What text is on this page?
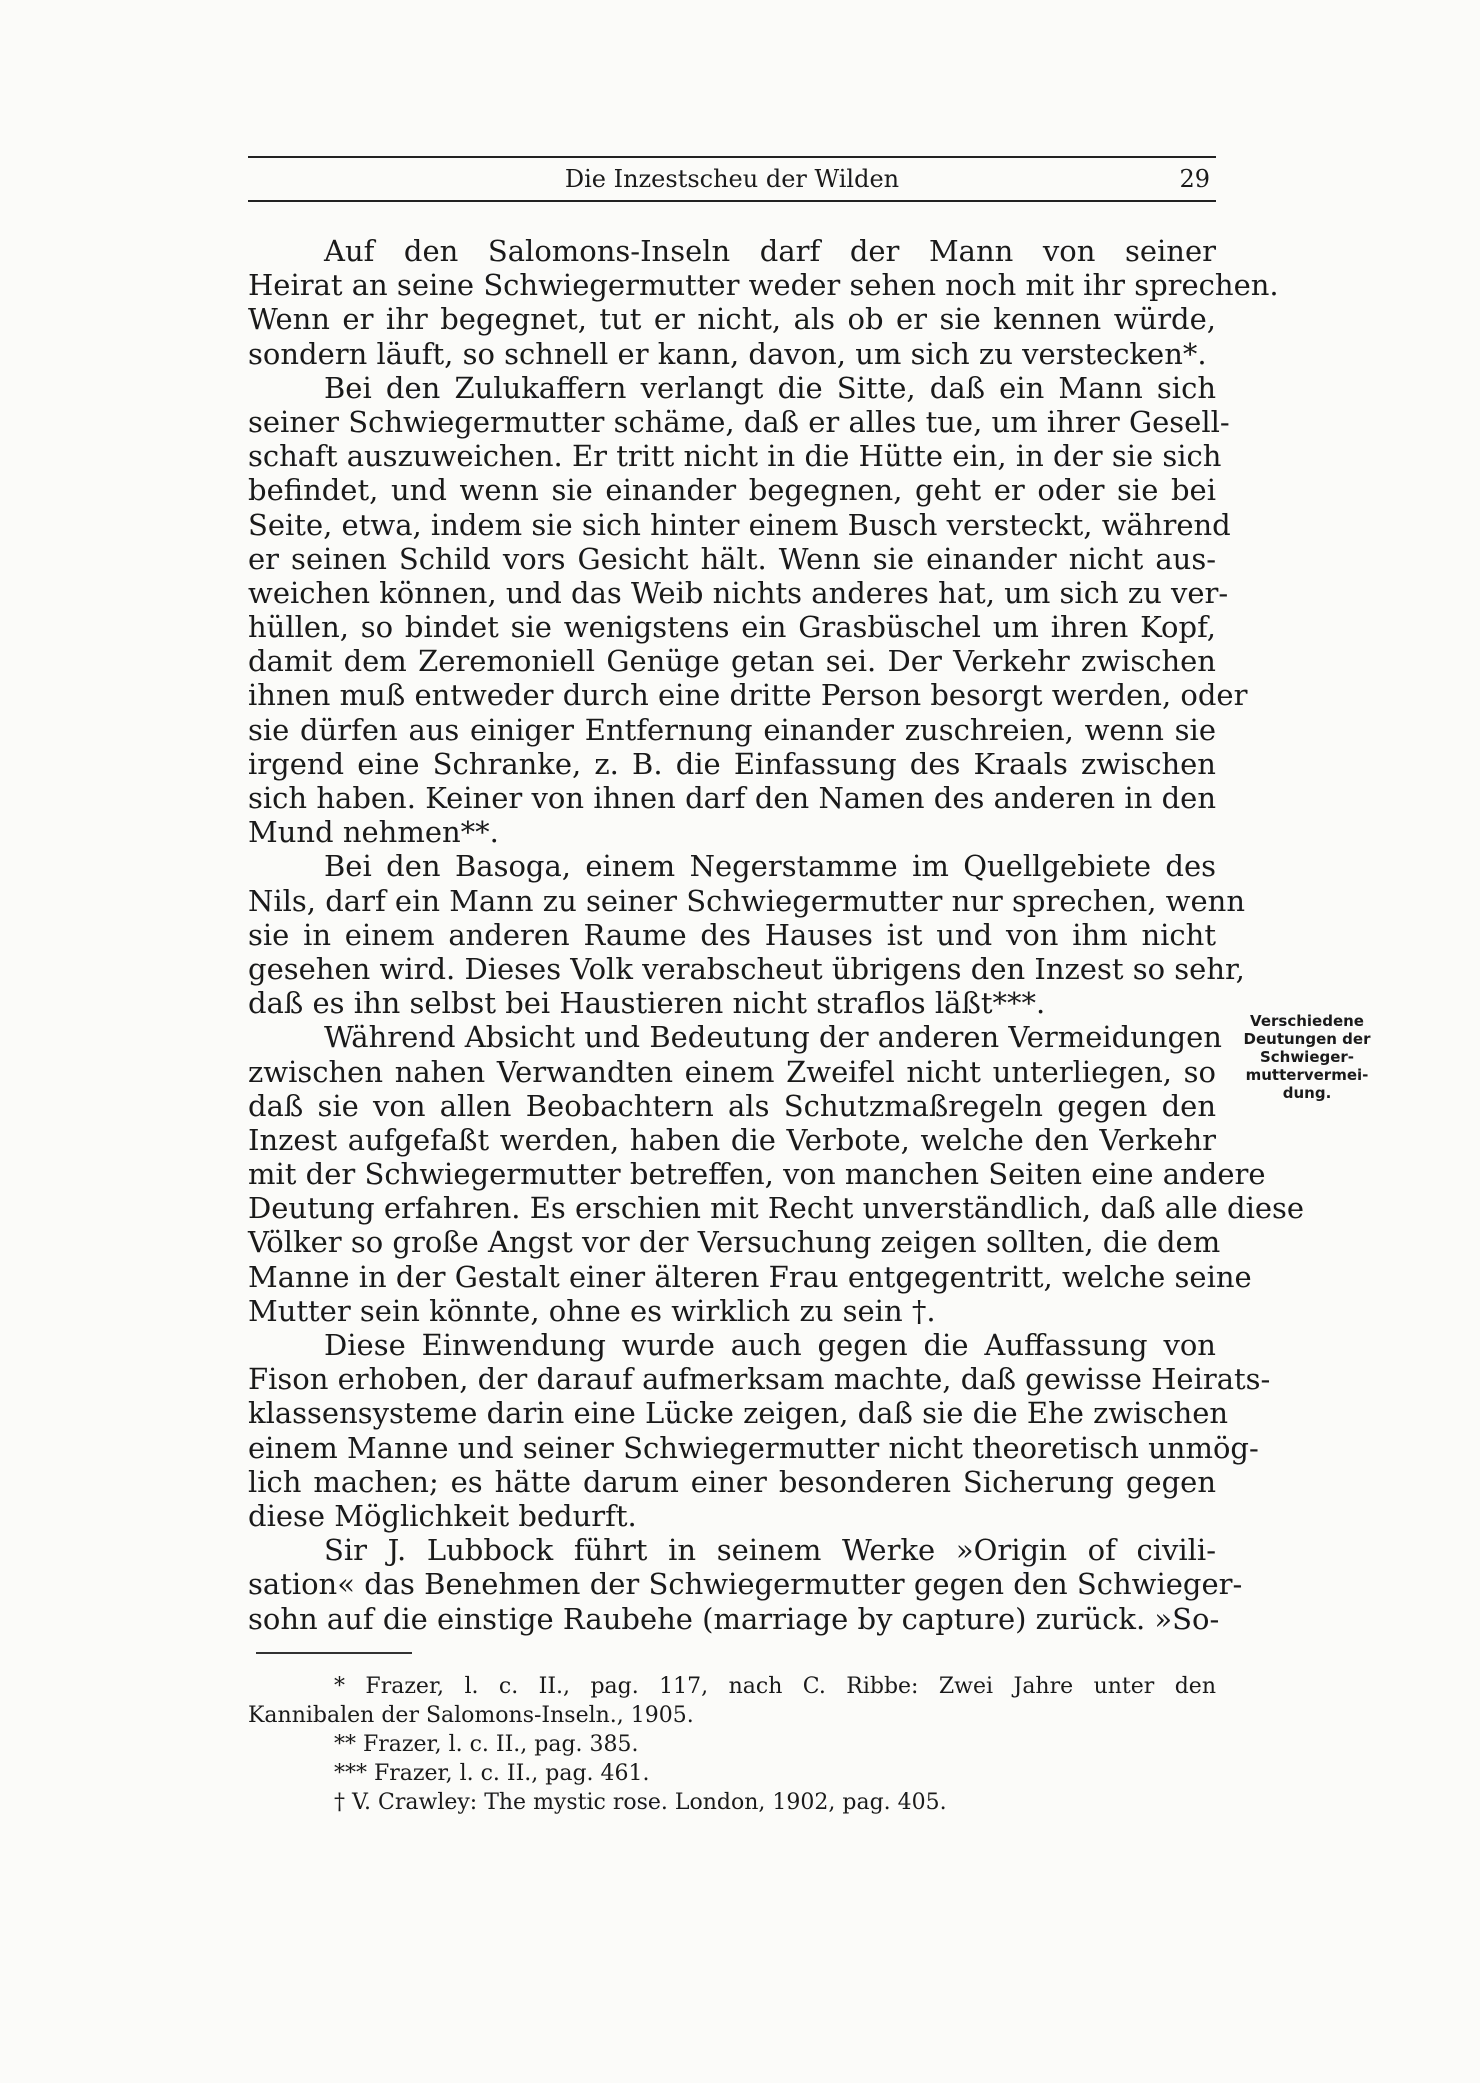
Die Inzestscheu der Wilden	29
Auf den Salomons-Inseln darf der Mann von seiner
Heirat an seine Schwiegermutter weder sehen noch mit ihr sprechen.
Wenn er ihr begegnet, tut er nicht, als ob er sie kennen würde,
sondern läuft, so schnell er kann, davon, um sich zu verstecken*.
Bei den Zulukaffern verlangt die Sitte, daß ein Mann sich
seiner Schwiegermutter schäme, daß er alles tue, um ihrer Gesell-
schaft auszuweichen. Er tritt nicht in die Hütte ein, in der sie sich
befindet, und wenn sie einander begegnen, geht er oder sie bei
Seite, etwa, indem sie sich hinter einem Busch versteckt, während
er seinen Schild vors Gesicht hält. Wenn sie einander nicht aus-
weichen können, und das Weib nichts anderes hat, um sich zu ver-
hüllen, so bindet sie wenigstens ein Grasbüschel um ihren Kopf,
damit dem Zeremoniell Genüge getan sei. Der Verkehr zwischen
ihnen muß entweder durch eine dritte Person besorgt werden, oder
sie dürfen aus einiger Entfernung einander zuschreien, wenn sie
irgend eine Schranke, z. B. die Einfassung des Kraals zwischen
sich haben. Keiner von ihnen darf den Namen des anderen in den
Mund nehmen**.
Bei den Basoga, einem Negerstamme im Quellgebiete des
Nils, darf ein Mann zu seiner Schwiegermutter nur sprechen, wenn
sie in einem anderen Raume des Hauses ist und von ihm nicht
gesehen wird. Dieses Volk verabscheut übrigens den Inzest so sehr,
daß es ihn selbst bei Haustieren nicht straflos läßt***.
Während Absicht und Bedeutung der anderen Vermeidungen
zwischen nahen Verwandten einem Zweifel nicht unterliegen, so
daß sie von allen Beobachtern als Schutzmaßregeln gegen den
Inzest aufgefaßt werden, haben die Verbote, welche den Verkehr
mit der Schwiegermutter betreffen, von manchen Seiten eine andere
Deutung erfahren. Es erschien mit Recht unverständlich, daß alle diese
Völker so große Angst vor der Versuchung zeigen sollten, die dem
Manne in der Gestalt einer älteren Frau entgegentritt, welche seine
Mutter sein könnte, ohne es wirklich zu sein †.
Diese Einwendung wurde auch gegen die Auffassung von
Fison erhoben, der darauf aufmerksam machte, daß gewisse Heirats-
klassensysteme darin eine Lücke zeigen, daß sie die Ehe zwischen
einem Manne und seiner Schwiegermutter nicht theoretisch unmög-
lich machen; es hätte darum einer besonderen Sicherung gegen
diese Möglichkeit bedurft.
Sir J. Lubbock führt in seinem Werke »Origin of civili-
sation« das Benehmen der Schwiegermutter gegen den Schwieger-
sohn auf die einstige Raubehe (marriage by capture) zurück. »So-
Verschiedene
Deutungen der
Schwieger-
muttervermei-
dung.
* Frazer, l. c. II., pag. 117, nach C. Ribbe: Zwei Jahre unter den
Kannibalen der Salomons-Inseln., 1905.
** Frazer, l. c. II., pag. 385.
*** Frazer, l. c. II., pag. 461.
† V. Crawley: The mystic rose. London, 1902, pag. 405.
